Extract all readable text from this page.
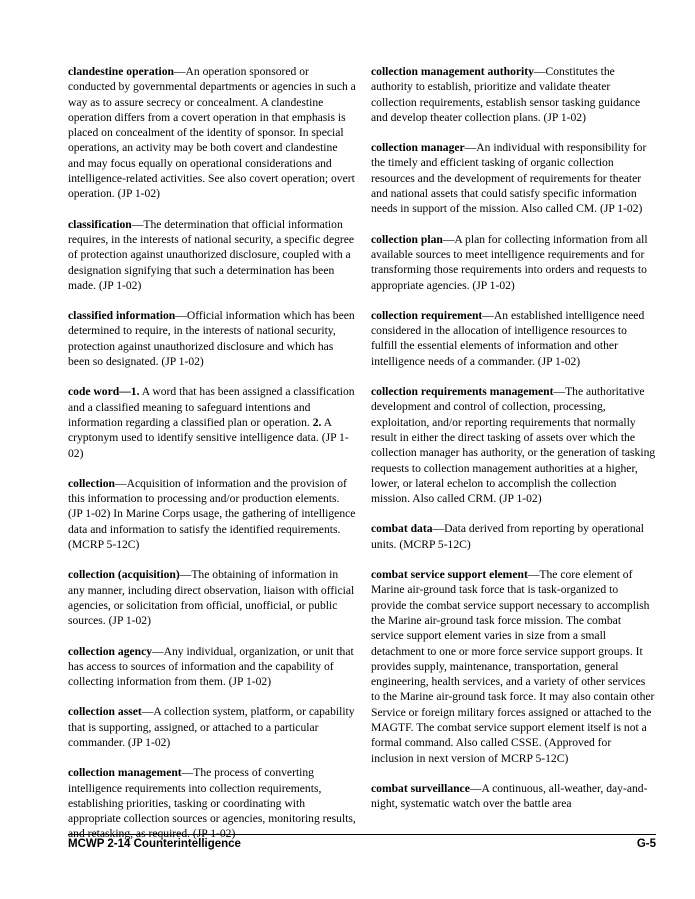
clandestine operation—An operation sponsored or conducted by governmental departments or agencies in such a way as to assure secrecy or concealment. A clandestine operation differs from a covert operation in that emphasis is placed on concealment of the identity of sponsor. In special operations, an activity may be both covert and clandestine and may focus equally on operational considerations and intelligence-related activities. See also covert operation; overt operation. (JP 1-02)

classification—The determination that official information requires, in the interests of national security, a specific degree of protection against unauthorized disclosure, coupled with a designation signifying that such a determination has been made. (JP 1-02)

classified information—Official information which has been determined to require, in the interests of national security, protection against unauthorized disclosure and which has been so designated. (JP 1-02)

code word—1. A word that has been assigned a classification and a classified meaning to safeguard intentions and information regarding a classified plan or operation. 2. A cryptonym used to identify sensitive intelligence data. (JP 1-02)

collection—Acquisition of information and the provision of this information to processing and/or production elements. (JP 1-02) In Marine Corps usage, the gathering of intelligence data and information to satisfy the identified requirements. (MCRP 5-12C)

collection (acquisition)—The obtaining of information in any manner, including direct observation, liaison with official agencies, or solicitation from official, unofficial, or public sources. (JP 1-02)

collection agency—Any individual, organization, or unit that has access to sources of information and the capability of collecting information from them. (JP 1-02)

collection asset—A collection system, platform, or capability that is supporting, assigned, or attached to a particular commander. (JP 1-02)

collection management—The process of converting intelligence requirements into collection requirements, establishing priorities, tasking or coordinating with appropriate collection sources or agencies, monitoring results, and retasking, as required. (JP 1-02)

collection management authority—Constitutes the authority to establish, prioritize and validate theater collection requirements, establish sensor tasking guidance and develop theater collection plans. (JP 1-02)

collection manager—An individual with responsibility for the timely and efficient tasking of organic collection resources and the development of requirements for theater and national assets that could satisfy specific information needs in support of the mission. Also called CM. (JP 1-02)

collection plan—A plan for collecting information from all available sources to meet intelligence requirements and for transforming those requirements into orders and requests to appropriate agencies. (JP 1-02)

collection requirement—An established intelligence need considered in the allocation of intelligence resources to fulfill the essential elements of information and other intelligence needs of a commander. (JP 1-02)

collection requirements management—The authoritative development and control of collection, processing, exploitation, and/or reporting requirements that normally result in either the direct tasking of assets over which the collection manager has authority, or the generation of tasking requests to collection management authorities at a higher, lower, or lateral echelon to accomplish the collection mission. Also called CRM. (JP 1-02)

combat data—Data derived from reporting by operational units. (MCRP 5-12C)

combat service support element—The core element of Marine air-ground task force that is task-organized to provide the combat service support necessary to accomplish the Marine air-ground task force mission. The combat service support element varies in size from a small detachment to one or more force service support groups. It provides supply, maintenance, transportation, general engineering, health services, and a variety of other services to the Marine air-ground task force. It may also contain other Service or foreign military forces assigned or attached to the MAGTF. The combat service support element itself is not a formal command. Also called CSSE. (Approved for inclusion in next version of MCRP 5-12C)

combat surveillance—A continuous, all-weather, day-and-night, systematic watch over the battle area

MCWP 2-14 Counterintelligence	G-5
